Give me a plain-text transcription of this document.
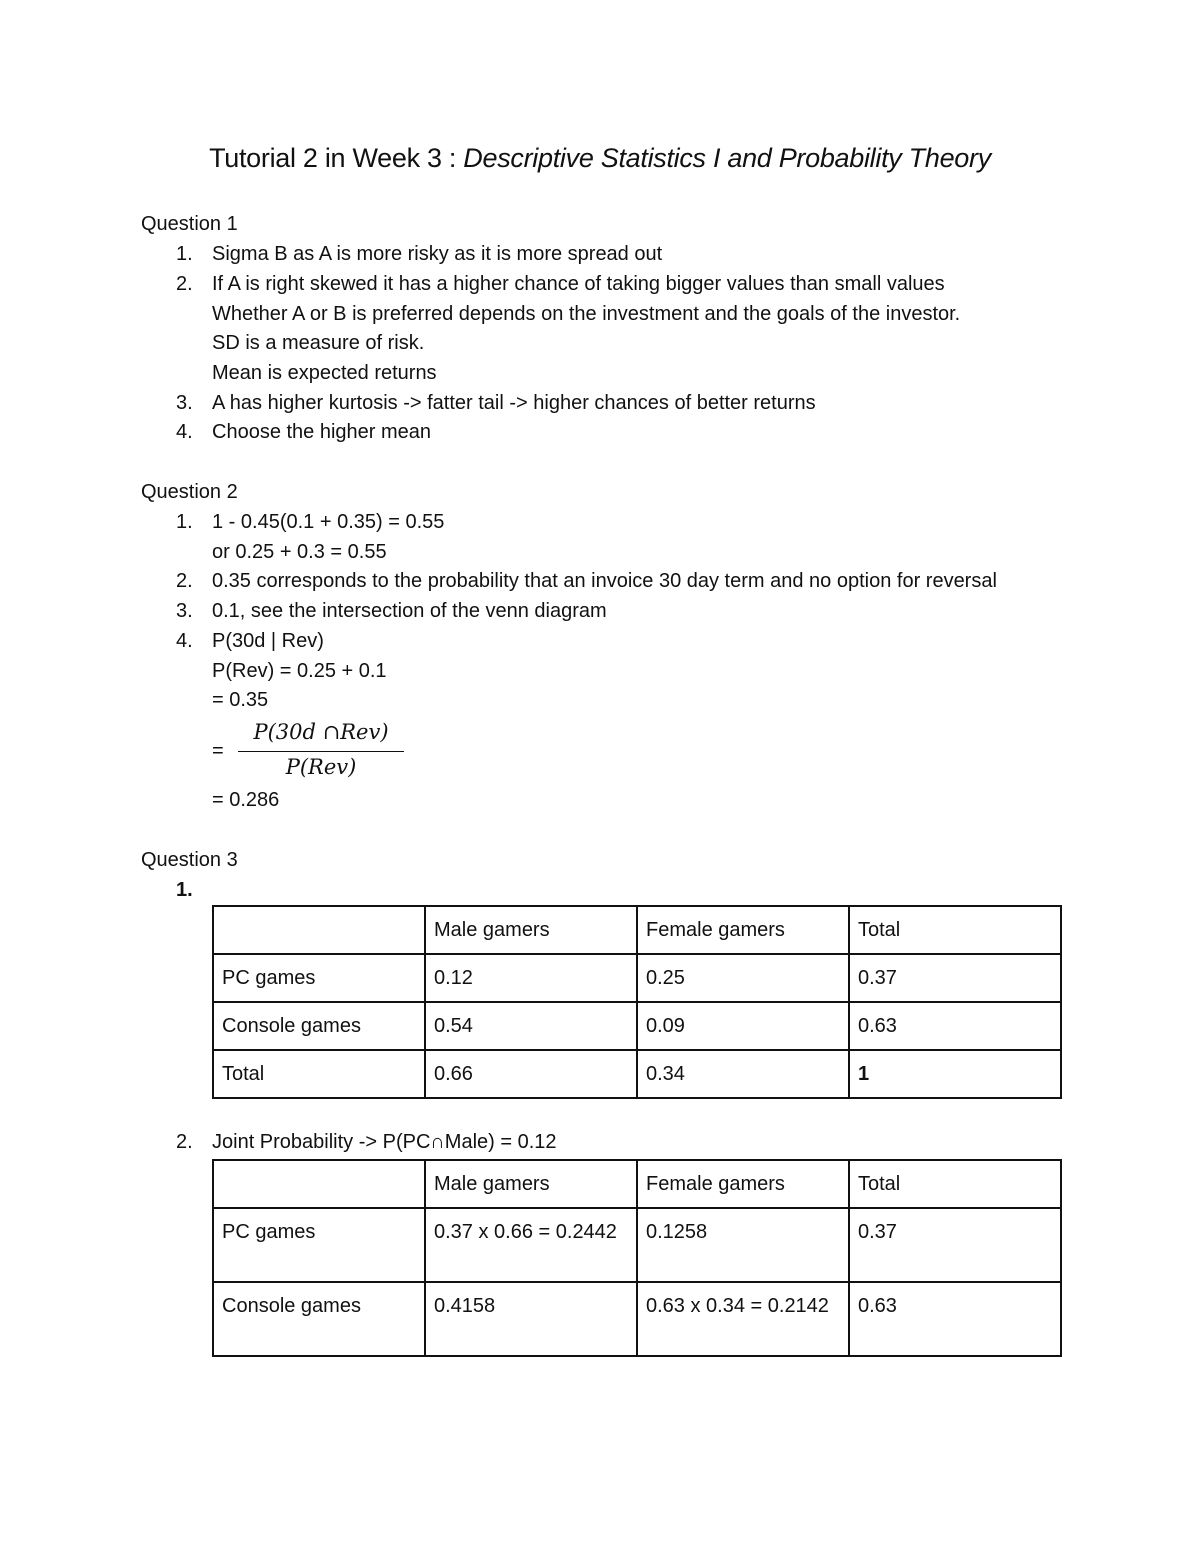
Tutorial 2 in Week 3 : Descriptive Statistics I and Probability Theory
Question 1
1. Sigma B as A is more risky as it is more spread out
2. If A is right skewed it has a higher chance of taking bigger values than small values
Whether A or B is preferred depends on the investment and the goals of the investor.
SD is a measure of risk.
Mean is expected returns
3. A has higher kurtosis -> fatter tail -> higher chances of better returns
4. Choose the higher mean
Question 2
1. 1 - 0.45(0.1 + 0.35) = 0.55
or 0.25 + 0.3 = 0.55
2. 0.35 corresponds to the probability that an invoice 30 day term and no option for reversal
3. 0.1, see the intersection of the venn diagram
4. P(30d | Rev)
P(Rev) = 0.25 + 0.1
= 0.35
=
P(30d ∩Rev)
P(Rev)
= 0.286
Question 3
1.
	Male gamers	Female gamers	Total
PC games	0.12	0.25	0.37
Console games	0.54	0.09	0.63
Total	0.66	0.34	1
2. Joint Probability -> P(PC∩Male) = 0.12
	Male gamers	Female gamers	Total
PC games	0.37 x 0.66 = 0.2442	0.1258	0.37
Console games	0.4158	0.63 x 0.34 = 0.2142	0.63
